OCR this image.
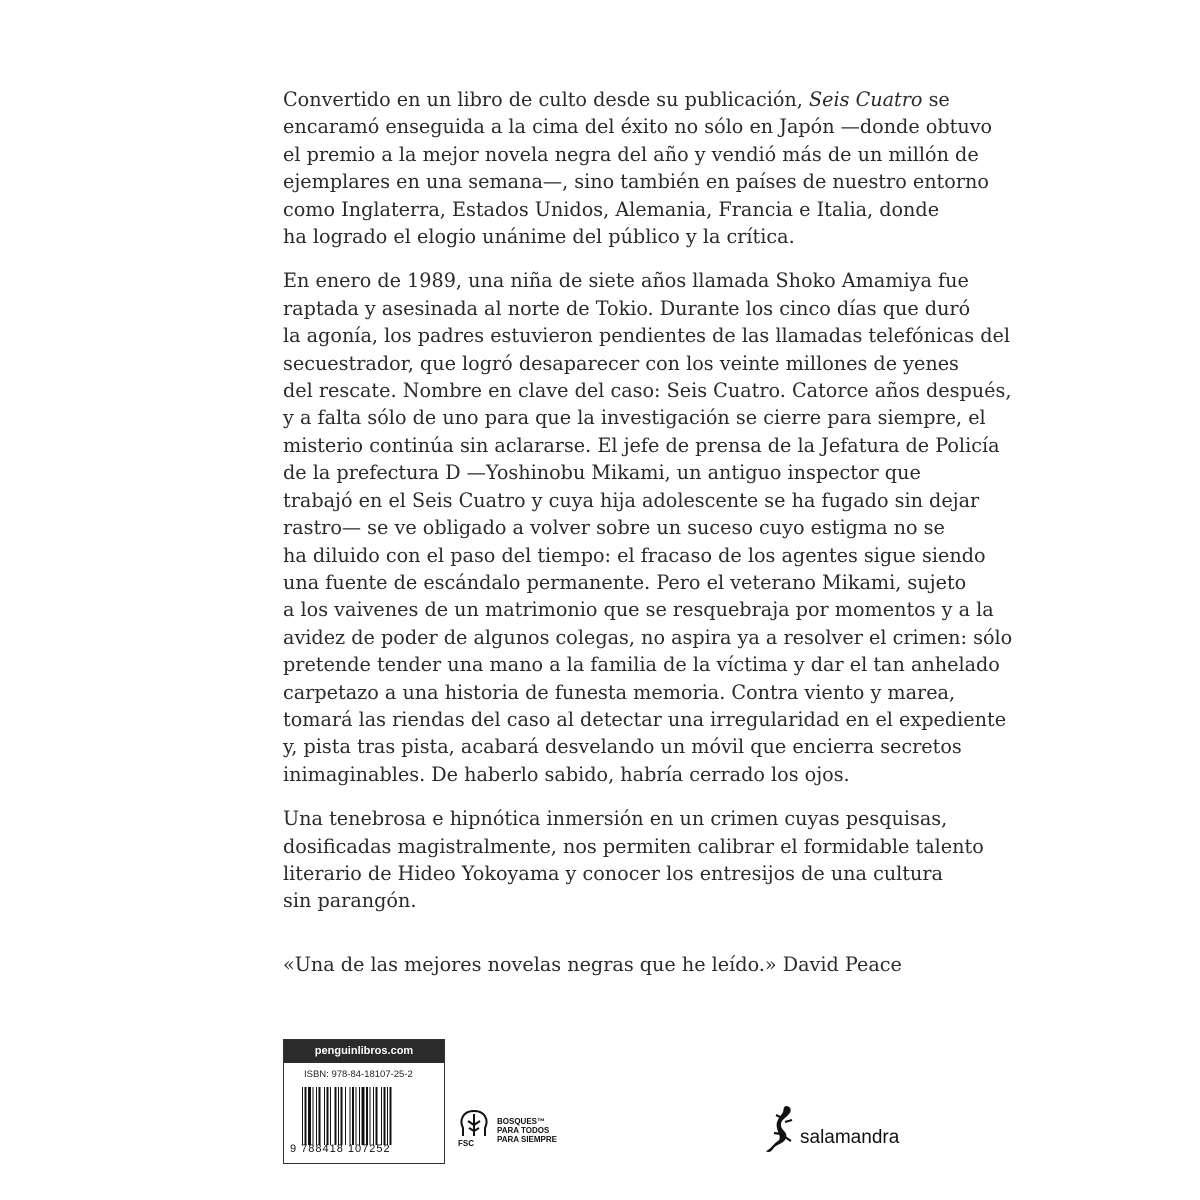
Convertido en un libro de culto desde su publicación, Seis Cuatro se
encaramó enseguida a la cima del éxito no sólo en Japón —donde obtuvo
el premio a la mejor novela negra del año y vendió más de un millón de
ejemplares en una semana—, sino también en países de nuestro entorno
como Inglaterra, Estados Unidos, Alemania, Francia e Italia, donde
ha logrado el elogio unánime del público y la crítica.

En enero de 1989, una niña de siete años llamada Shoko Amamiya fue
raptada y asesinada al norte de Tokio. Durante los cinco días que duró
la agonía, los padres estuvieron pendientes de las llamadas telefónicas del
secuestrador, que logró desaparecer con los veinte millones de yenes
del rescate. Nombre en clave del caso: Seis Cuatro. Catorce años después,
y a falta sólo de uno para que la investigación se cierre para siempre, el
misterio continúa sin aclararse. El jefe de prensa de la Jefatura de Policía
de la prefectura D —Yoshinobu Mikami, un antiguo inspector que
trabajó en el Seis Cuatro y cuya hija adolescente se ha fugado sin dejar
rastro— se ve obligado a volver sobre un suceso cuyo estigma no se
ha diluido con el paso del tiempo: el fracaso de los agentes sigue siendo
una fuente de escándalo permanente. Pero el veterano Mikami, sujeto
a los vaivenes de un matrimonio que se resquebraja por momentos y a la
avidez de poder de algunos colegas, no aspira ya a resolver el crimen: sólo
pretende tender una mano a la familia de la víctima y dar el tan anhelado
carpetazo a una historia de funesta memoria. Contra viento y marea,
tomará las riendas del caso al detectar una irregularidad en el expediente
y, pista tras pista, acabará desvelando un móvil que encierra secretos
inimaginables. De haberlo sabido, habría cerrado los ojos.

Una tenebrosa e hipnótica inmersión en un crimen cuyas pesquisas,
dosificadas magistralmente, nos permiten calibrar el formidable talento
literario de Hideo Yokoyama y conocer los entresijos de una cultura
sin parangón.

«Una de las mejores novelas negras que he leído.» David Peace

penguinlibros.com
ISBN: 978-84-18107-25-2
9 788418 107252
BOSQUES™
PARA TODOS
PARA SIEMPRE
FSC	salamandra
